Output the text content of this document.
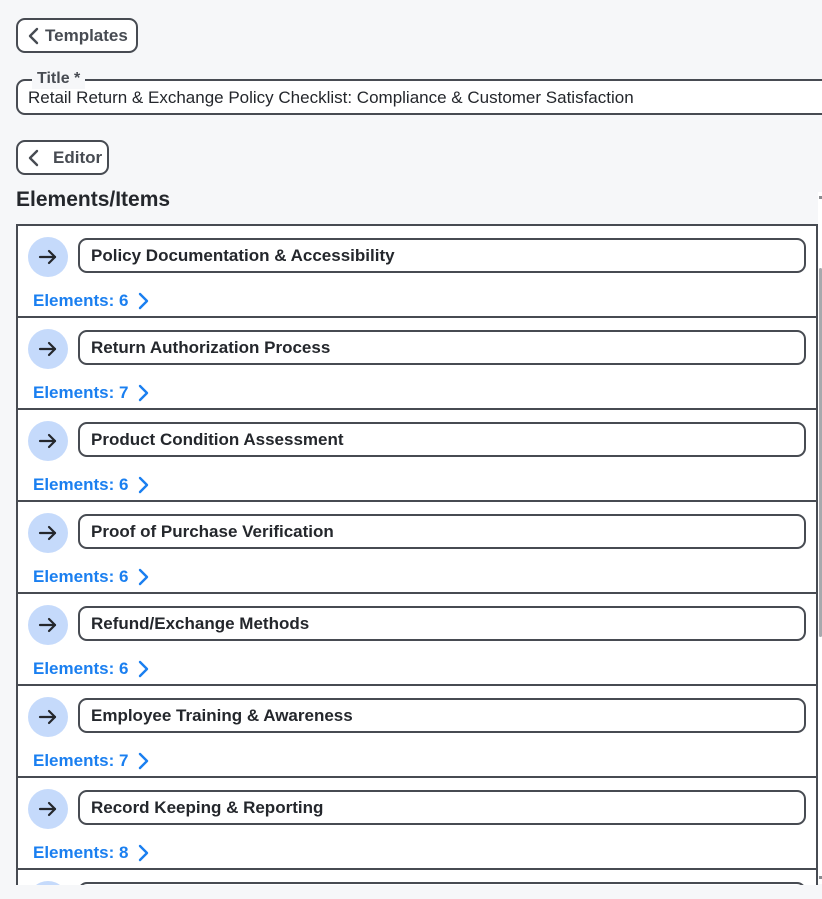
Templates
Title *
Retail Return & Exchange Policy Checklist: Compliance & Customer Satisfaction
Editor
Elements/Items
Policy Documentation & Accessibility
Elements: 6
Return Authorization Process
Elements: 7
Product Condition Assessment
Elements: 6
Proof of Purchase Verification
Elements: 6
Refund/Exchange Methods
Elements: 6
Employee Training & Awareness
Elements: 7
Record Keeping & Reporting
Elements: 8
